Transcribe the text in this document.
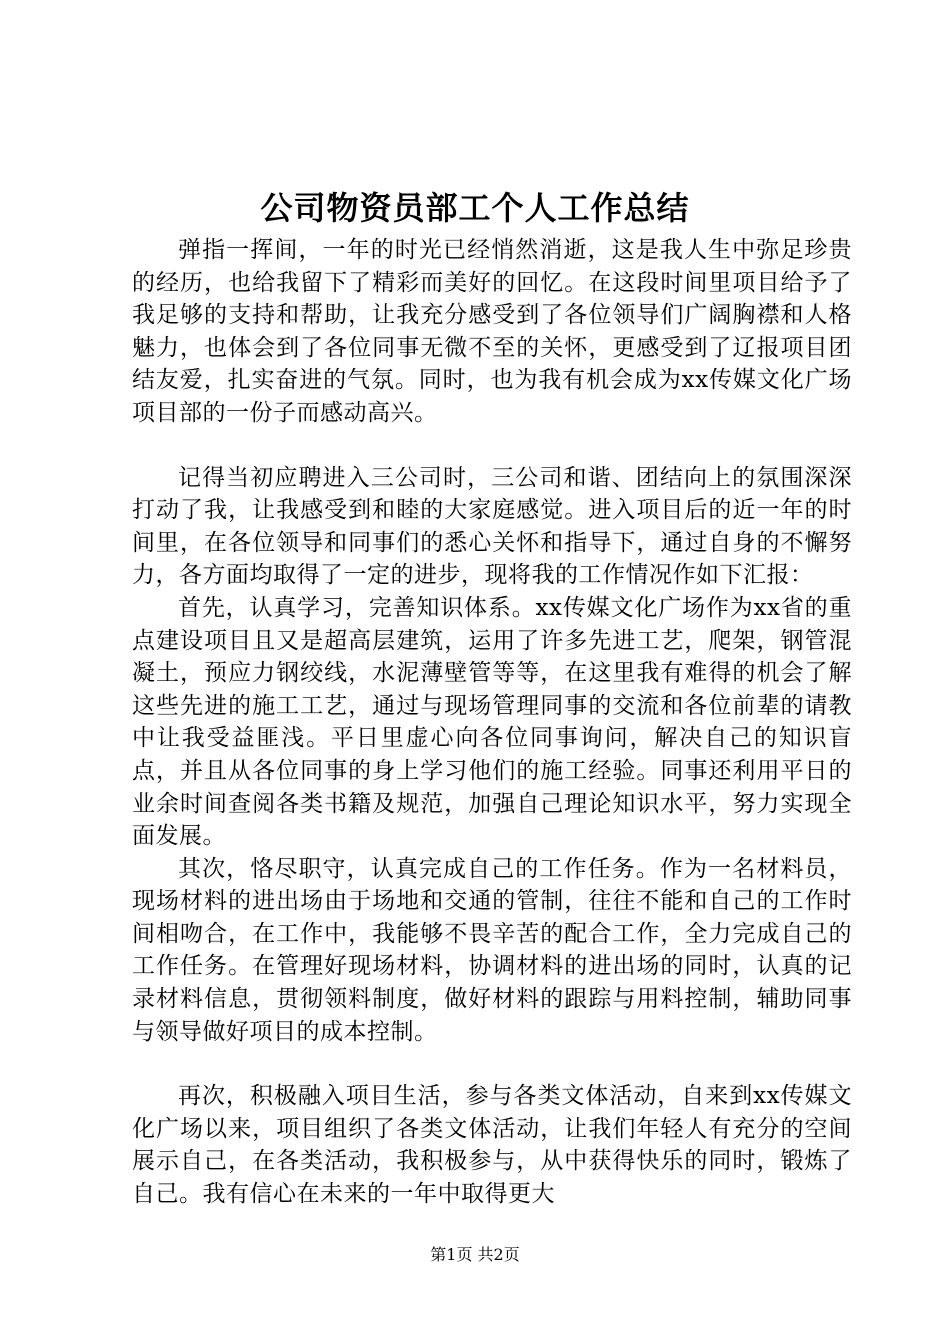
公司物资员部工个人工作总结

弹指一挥间，一年的时光已经悄然消逝，这是我人生中弥足珍贵的经历，也给我留下了精彩而美好的回忆。在这段时间里项目给予了我足够的支持和帮助，让我充分感受到了各位领导们广阔胸襟和人格魅力，也体会到了各位同事无微不至的关怀，更感受到了辽报项目团结友爱，扎实奋进的气氛。同时，也为我有机会成为xx传媒文化广场项目部的一份子而感动高兴。

记得当初应聘进入三公司时，三公司和谐、团结向上的氛围深深打动了我，让我感受到和睦的大家庭感觉。进入项目后的近一年的时间里，在各位领导和同事们的悉心关怀和指导下，通过自身的不懈努力，各方面均取得了一定的进步，现将我的工作情况作如下汇报：

首先，认真学习，完善知识体系。xx传媒文化广场作为xx省的重点建设项目且又是超高层建筑，运用了许多先进工艺，爬架，钢管混凝土，预应力钢绞线，水泥薄壁管等等，在这里我有难得的机会了解这些先进的施工工艺，通过与现场管理同事的交流和各位前辈的请教中让我受益匪浅。平日里虚心向各位同事询问，解决自己的知识盲点，并且从各位同事的身上学习他们的施工经验。同事还利用平日的业余时间查阅各类书籍及规范，加强自己理论知识水平，努力实现全面发展。

其次，恪尽职守，认真完成自己的工作任务。作为一名材料员，现场材料的进出场由于场地和交通的管制，往往不能和自己的工作时间相吻合，在工作中，我能够不畏辛苦的配合工作，全力完成自己的工作任务。在管理好现场材料，协调材料的进出场的同时，认真的记录材料信息，贯彻领料制度，做好材料的跟踪与用料控制，辅助同事与领导做好项目的成本控制。

再次，积极融入项目生活，参与各类文体活动，自来到xx传媒文化广场以来，项目组织了各类文体活动，让我们年轻人有充分的空间展示自己，在各类活动，我积极参与，从中获得快乐的同时，锻炼了自己。我有信心在未来的一年中取得更大

第1页 共2页
